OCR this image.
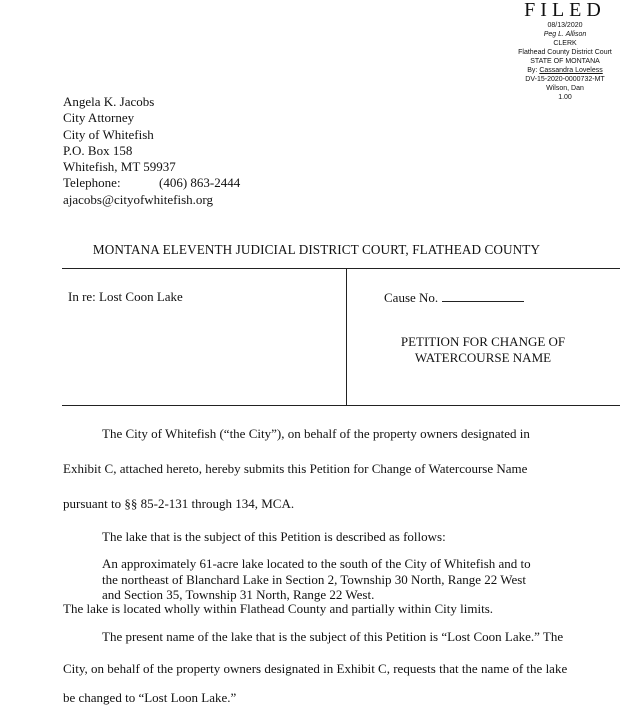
FILED
08/13/2020
Peg L. Allison
CLERK
Flathead County District Court
STATE OF MONTANA
By: Cassandra Loveless
DV-15-2020-0000732-MT
Wilson, Dan
1.00
Angela K. Jacobs
City Attorney
City of Whitefish
P.O. Box 158
Whitefish, MT 59937
Telephone:	(406) 863-2444
ajacobs@cityofwhitefish.org
MONTANA ELEVENTH JUDICIAL DISTRICT COURT, FLATHEAD COUNTY
In re: Lost Coon Lake	Cause No.
PETITION FOR CHANGE OF
WATERCOURSE NAME
The City of Whitefish (“the City”), on behalf of the property owners designated in
Exhibit C, attached hereto, hereby submits this Petition for Change of Watercourse Name
pursuant to §§ 85-2-131 through 134, MCA.
The lake that is the subject of this Petition is described as follows:
An approximately 61-acre lake located to the south of the City of Whitefish and to
the northeast of Blanchard Lake in Section 2, Township 30 North, Range 22 West
and Section 35, Township 31 North, Range 22 West.
The lake is located wholly within Flathead County and partially within City limits.
The present name of the lake that is the subject of this Petition is “Lost Coon Lake.” The
City, on behalf of the property owners designated in Exhibit C, requests that the name of the lake
be changed to “Lost Loon Lake.”
